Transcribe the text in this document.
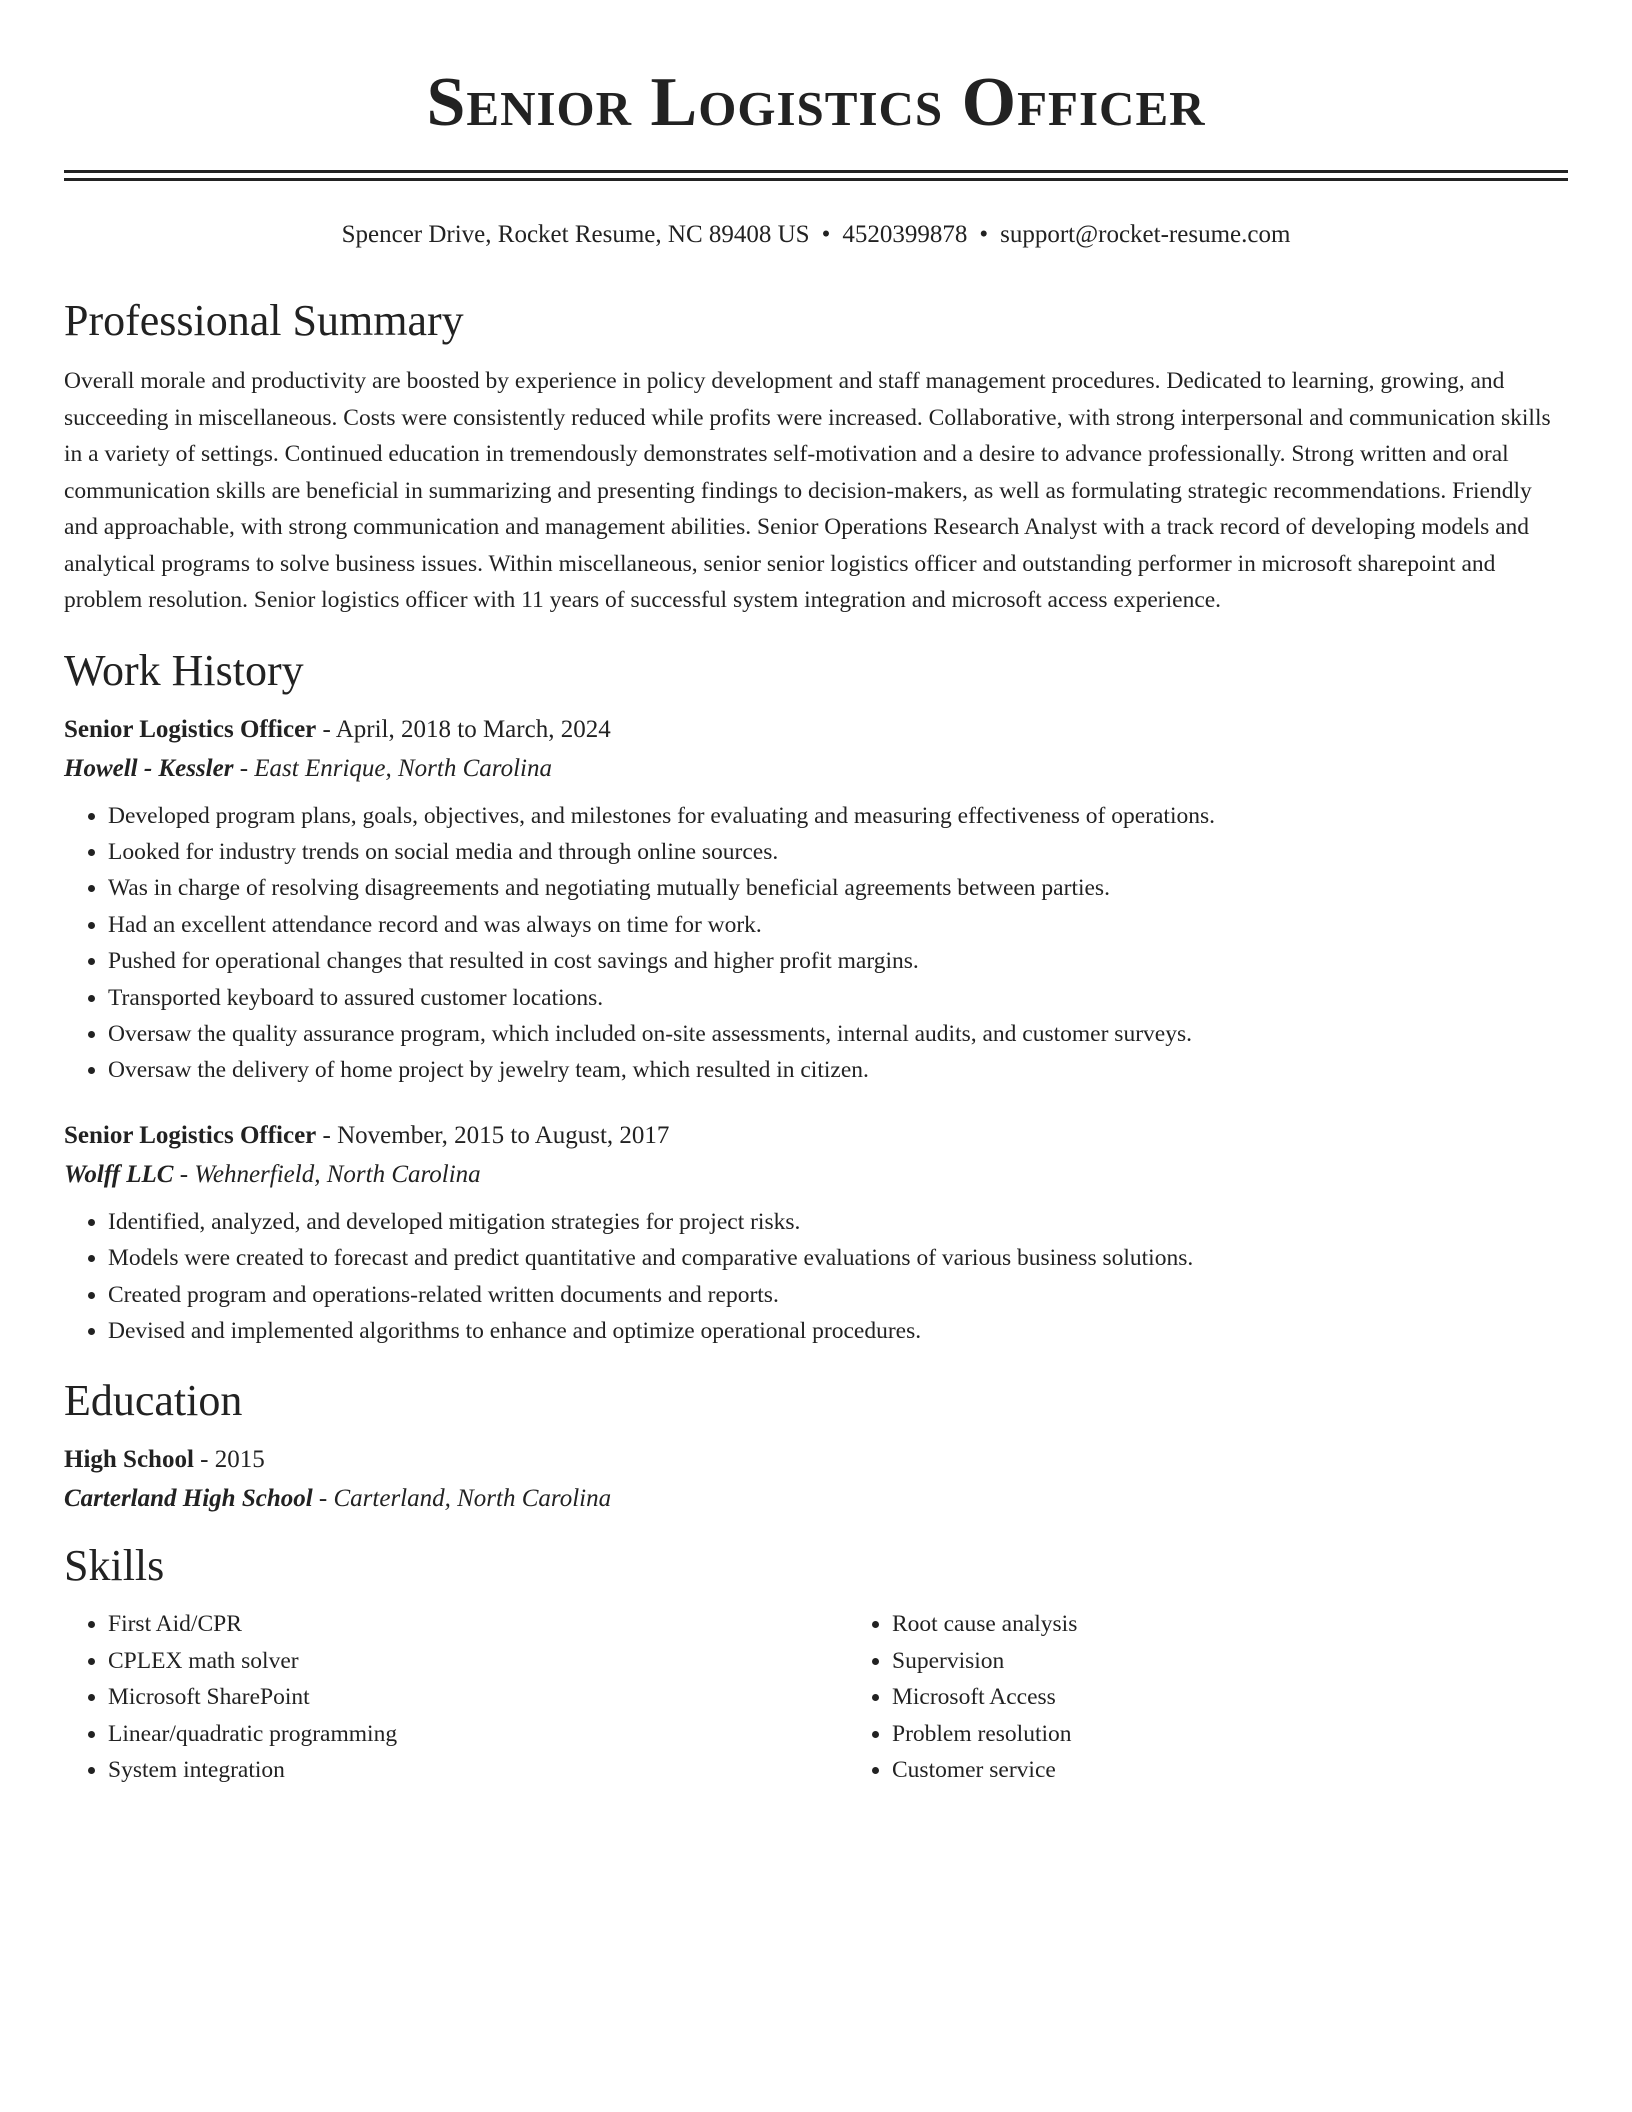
Senior Logistics Officer
Spencer Drive, Rocket Resume, NC 89408 US • 4520399878 • support@rocket-resume.com
Professional Summary

Overall morale and productivity are boosted by experience in policy development and staff management procedures. Dedicated to learning, growing, and succeeding in miscellaneous. Costs were consistently reduced while profits were increased. Collaborative, with strong interpersonal and communication skills in a variety of settings. Continued education in tremendously demonstrates self-motivation and a desire to advance professionally. Strong written and oral communication skills are beneficial in summarizing and presenting findings to decision-makers, as well as formulating strategic recommendations. Friendly and approachable, with strong communication and management abilities. Senior Operations Research Analyst with a track record of developing models and analytical programs to solve business issues. Within miscellaneous, senior senior logistics officer and outstanding performer in microsoft sharepoint and problem resolution. Senior logistics officer with 11 years of successful system integration and microsoft access experience.

Work History
Senior Logistics Officer - April, 2018 to March, 2024
Howell - Kessler - East Enrique, North Carolina
• Developed program plans, goals, objectives, and milestones for evaluating and measuring effectiveness of operations.
• Looked for industry trends on social media and through online sources.
• Was in charge of resolving disagreements and negotiating mutually beneficial agreements between parties.
• Had an excellent attendance record and was always on time for work.
• Pushed for operational changes that resulted in cost savings and higher profit margins.
• Transported keyboard to assured customer locations.
• Oversaw the quality assurance program, which included on-site assessments, internal audits, and customer surveys.
• Oversaw the delivery of home project by jewelry team, which resulted in citizen.
Senior Logistics Officer - November, 2015 to August, 2017
Wolff LLC - Wehnerfield, North Carolina
• Identified, analyzed, and developed mitigation strategies for project risks.
• Models were created to forecast and predict quantitative and comparative evaluations of various business solutions.
• Created program and operations-related written documents and reports.
• Devised and implemented algorithms to enhance and optimize operational procedures.
Education
High School - 2015
Carterland High School - Carterland, North Carolina
Skills
• First Aid/CPR
• CPLEX math solver
• Microsoft SharePoint
• Linear/quadratic programming
• System integration
• Root cause analysis
• Supervision
• Microsoft Access
• Problem resolution
• Customer service
